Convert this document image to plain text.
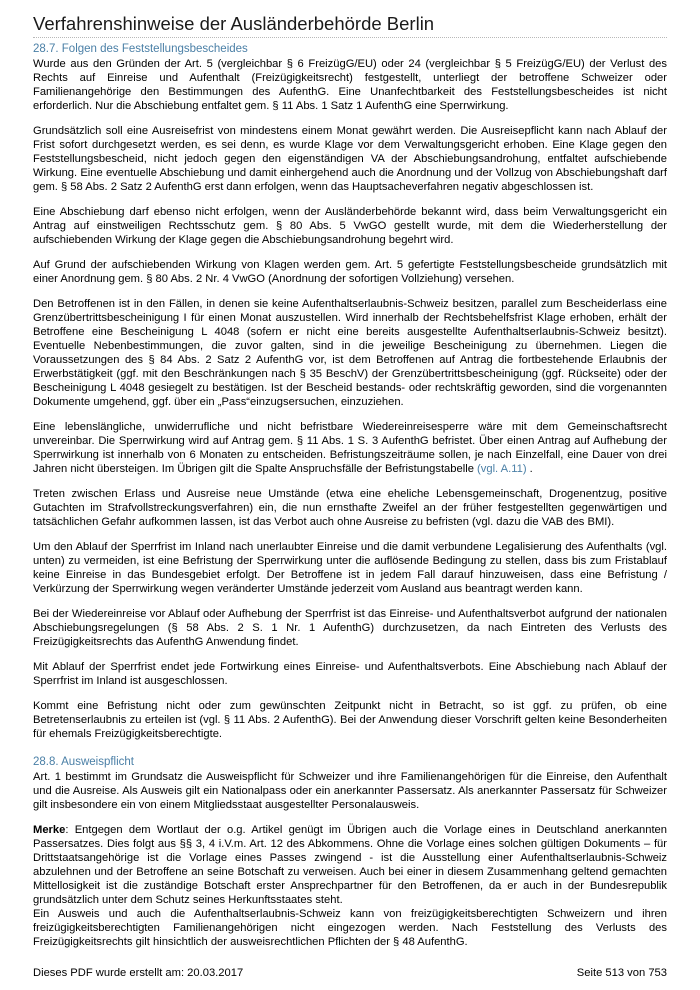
Verfahrenshinweise der Ausländerbehörde Berlin
28.7. Folgen des Feststellungsbescheides

Wurde aus den Gründen der Art. 5 (vergleichbar § 6 FreizügG/EU) oder 24 (vergleichbar § 5 FreizügG/EU) der Verlust des Rechts auf Einreise und Aufenthalt (Freizügigkeitsrecht) festgestellt, unterliegt der betroffene Schweizer oder Familienangehörige den Bestimmungen des AufenthG. Eine Unanfechtbarkeit des Feststellungsbescheides ist nicht erforderlich. Nur die Abschiebung entfaltet gem. § 11 Abs. 1 Satz 1 AufenthG eine Sperrwirkung.

Grundsätzlich soll eine Ausreisefrist von mindestens einem Monat gewährt werden. Die Ausreisepflicht kann nach Ablauf der Frist sofort durchgesetzt werden, es sei denn, es wurde Klage vor dem Verwaltungsgericht erhoben. Eine Klage gegen den Feststellungsbescheid, nicht jedoch gegen den eigenständigen VA der Abschiebungsandrohung, entfaltet aufschiebende Wirkung. Eine eventuelle Abschiebung und damit einhergehend auch die Anordnung und der Vollzug von Abschiebungshaft darf gem. § 58 Abs. 2 Satz 2 AufenthG erst dann erfolgen, wenn das Hauptsacheverfahren negativ abgeschlossen ist.

Eine Abschiebung darf ebenso nicht erfolgen, wenn der Ausländerbehörde bekannt wird, dass beim Verwaltungsgericht ein Antrag auf einstweiligen Rechtsschutz gem. § 80 Abs. 5 VwGO gestellt wurde, mit dem die Wiederherstellung der aufschiebenden Wirkung der Klage gegen die Abschiebungsandrohung begehrt wird.

Auf Grund der aufschiebenden Wirkung von Klagen werden gem. Art. 5 gefertigte Feststellungsbescheide grundsätzlich mit einer Anordnung gem. § 80 Abs. 2 Nr. 4 VwGO (Anordnung der sofortigen Vollziehung) versehen.

Den Betroffenen ist in den Fällen, in denen sie keine Aufenthaltserlaubnis-Schweiz besitzen, parallel zum Bescheiderlass eine Grenzübertrittsbescheinigung I für einen Monat auszustellen. Wird innerhalb der Rechtsbehelfsfrist Klage erhoben, erhält der Betroffene eine Bescheinigung L 4048 (sofern er nicht eine bereits ausgestellte Aufenthaltserlaubnis-Schweiz besitzt). Eventuelle Nebenbestimmungen, die zuvor galten, sind in die jeweilige Bescheinigung zu übernehmen. Liegen die Voraussetzungen des § 84 Abs. 2 Satz 2 AufenthG vor, ist dem Betroffenen auf Antrag die fortbestehende Erlaubnis der Erwerbstätigkeit (ggf. mit den Beschränkungen nach § 35 BeschV) der Grenzübertrittsbescheinigung (ggf. Rückseite) oder der Bescheinigung L 4048 gesiegelt zu bestätigen. Ist der Bescheid bestands- oder rechtskräftig geworden, sind die vorgenannten Dokumente umgehend, ggf. über ein „Pass“einzugsersuchen, einzuziehen.

Eine lebenslängliche, unwiderrufliche und nicht befristbare Wiedereinreisesperre wäre mit dem Gemeinschaftsrecht unvereinbar. Die Sperrwirkung wird auf Antrag gem. § 11 Abs. 1 S. 3 AufenthG befristet. Über einen Antrag auf Aufhebung der Sperrwirkung ist innerhalb von 6 Monaten zu entscheiden. Befristungszeiträume sollen, je nach Einzelfall, eine Dauer von drei Jahren nicht übersteigen. Im Übrigen gilt die Spalte Anspruchsfälle der Befristungstabelle (vgl. A.11) .

Treten zwischen Erlass und Ausreise neue Umstände (etwa eine eheliche Lebensgemeinschaft, Drogenentzug, positive Gutachten im Strafvollstreckungsverfahren) ein, die nun ernsthafte Zweifel an der früher festgestellten gegenwärtigen und tatsächlichen Gefahr aufkommen lassen, ist das Verbot auch ohne Ausreise zu befristen (vgl. dazu die VAB des BMI).

Um den Ablauf der Sperrfrist im Inland nach unerlaubter Einreise und die damit verbundene Legalisierung des Aufenthalts (vgl. unten) zu vermeiden, ist eine Befristung der Sperrwirkung unter die auflösende Bedingung zu stellen, dass bis zum Fristablauf keine Einreise in das Bundesgebiet erfolgt. Der Betroffene ist in jedem Fall darauf hinzuweisen, dass eine Befristung / Verkürzung der Sperrwirkung wegen veränderter Umstände jederzeit vom Ausland aus beantragt werden kann.

Bei der Wiedereinreise vor Ablauf oder Aufhebung der Sperrfrist ist das Einreise- und Aufenthaltsverbot aufgrund der nationalen Abschiebungsregelungen (§ 58 Abs. 2 S. 1 Nr. 1 AufenthG) durchzusetzen, da nach Eintreten des Verlusts des Freizügigkeitsrechts das AufenthG Anwendung findet.

Mit Ablauf der Sperrfrist endet jede Fortwirkung eines Einreise- und Aufenthaltsverbots. Eine Abschiebung nach Ablauf der Sperrfrist im Inland ist ausgeschlossen.

Kommt eine Befristung nicht oder zum gewünschten Zeitpunkt nicht in Betracht, so ist ggf. zu prüfen, ob eine Betretenserlaubnis zu erteilen ist (vgl. § 11 Abs. 2 AufenthG). Bei der Anwendung dieser Vorschrift gelten keine Besonderheiten für ehemals Freizügigkeitsberechtigte.

28.8. Ausweispflicht

Art. 1 bestimmt im Grundsatz die Ausweispflicht für Schweizer und ihre Familienangehörigen für die Einreise, den Aufenthalt und die Ausreise. Als Ausweis gilt ein Nationalpass oder ein anerkannter Passersatz. Als anerkannter Passersatz für Schweizer gilt insbesondere ein von einem Mitgliedsstaat ausgestellter Personalausweis.

Merke: Entgegen dem Wortlaut der o.g. Artikel genügt im Übrigen auch die Vorlage eines in Deutschland anerkannten Passersatzes. Dies folgt aus §§ 3, 4 i.V.m. Art. 12 des Abkommens. Ohne die Vorlage eines solchen gültigen Dokuments – für Drittstaatsangehörige ist die Vorlage eines Passes zwingend - ist die Ausstellung einer Aufenthaltserlaubnis-Schweiz abzulehnen und der Betroffene an seine Botschaft zu verweisen. Auch bei einer in diesem Zusammenhang geltend gemachten Mittellosigkeit ist die zuständige Botschaft erster Ansprechpartner für den Betroffenen, da er auch in der Bundesrepublik grundsätzlich unter dem Schutz seines Herkunftsstaates steht.

Ein Ausweis und auch die Aufenthaltserlaubnis-Schweiz kann von freizügigkeitsberechtigten Schweizern und ihren freizügigkeitsberechtigten Familienangehörigen nicht eingezogen werden. Nach Feststellung des Verlusts des Freizügigkeitsrechts gilt hinsichtlich der ausweisrechtlichen Pflichten der § 48 AufenthG.

Dieses PDF wurde erstellt am: 20.03.2017	Seite 513 von 753
